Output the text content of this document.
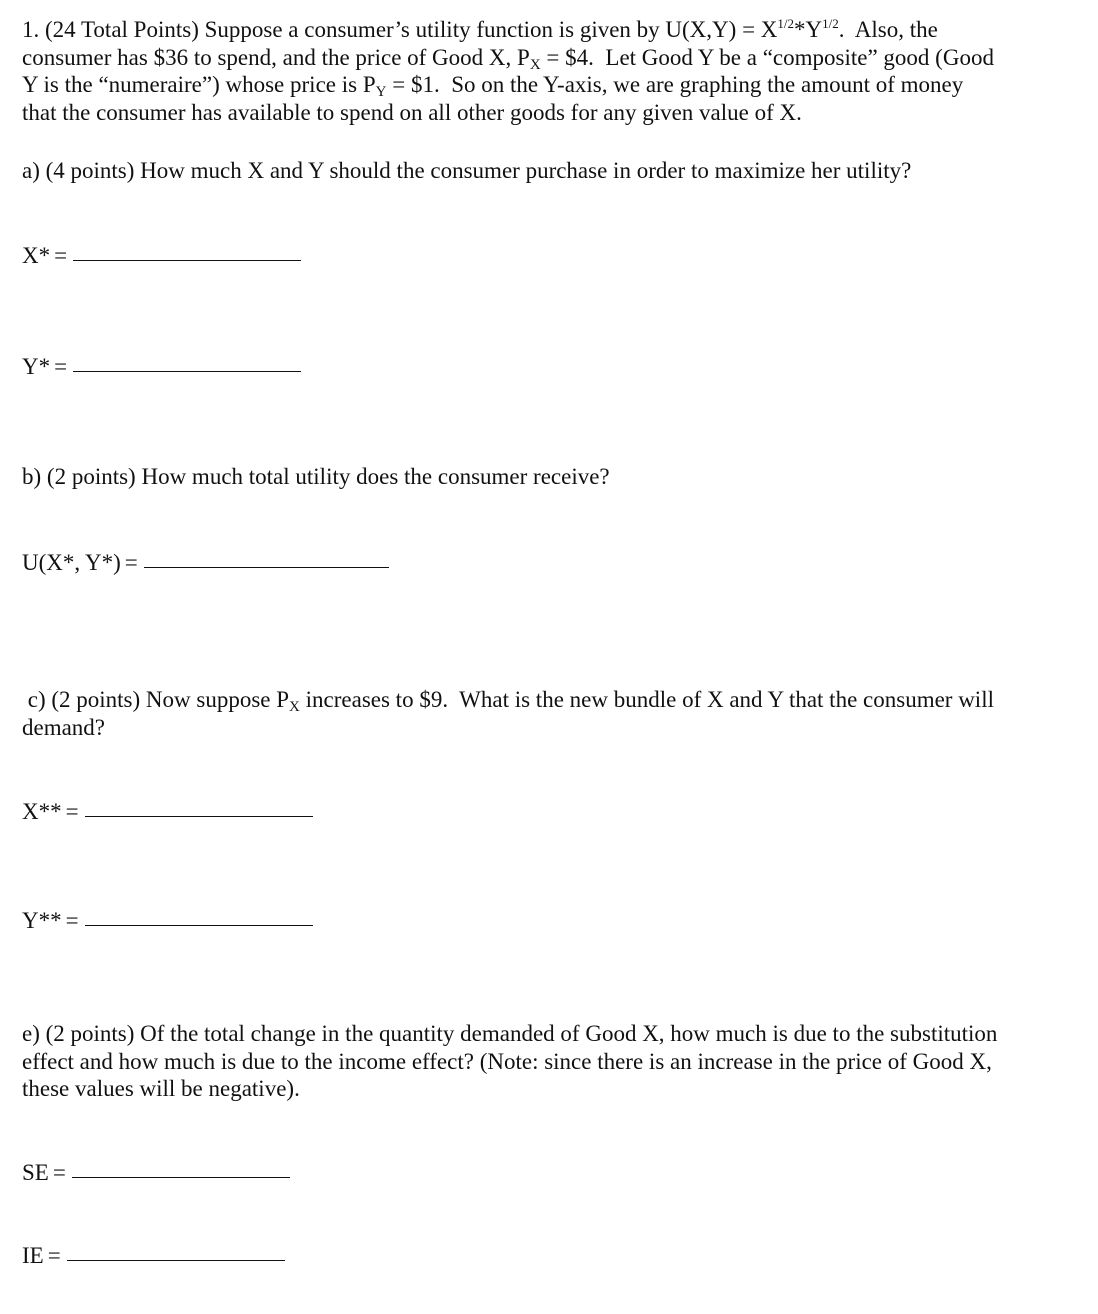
1. (24 Total Points) Suppose a consumer’s utility function is given by $U(X,Y) = X^{1/2}*Y^{1/2}$.  Also, the
consumer has $36 to spend, and the price of Good X, $P_X$ = $4.  Let Good Y be a “composite” good (Good
Y is the “numeraire”) whose price is $P_Y$ = $1.  So on the Y-axis, we are graphing the amount of money
that the consumer has available to spend on all other goods for any given value of X.
a) (4 points) How much X and Y should the consumer purchase in order to maximize her utility?
X* =
Y* =
b) (2 points) How much total utility does the consumer receive?
U(X*, Y*) =
c) (2 points) Now suppose $P_X$ increases to $9.  What is the new bundle of X and Y that the consumer will
demand?
X** =
Y** =
e) (2 points) Of the total change in the quantity demanded of Good X, how much is due to the substitution
effect and how much is due to the income effect? (Note: since there is an increase in the price of Good X,
these values will be negative).
SE =
IE =
